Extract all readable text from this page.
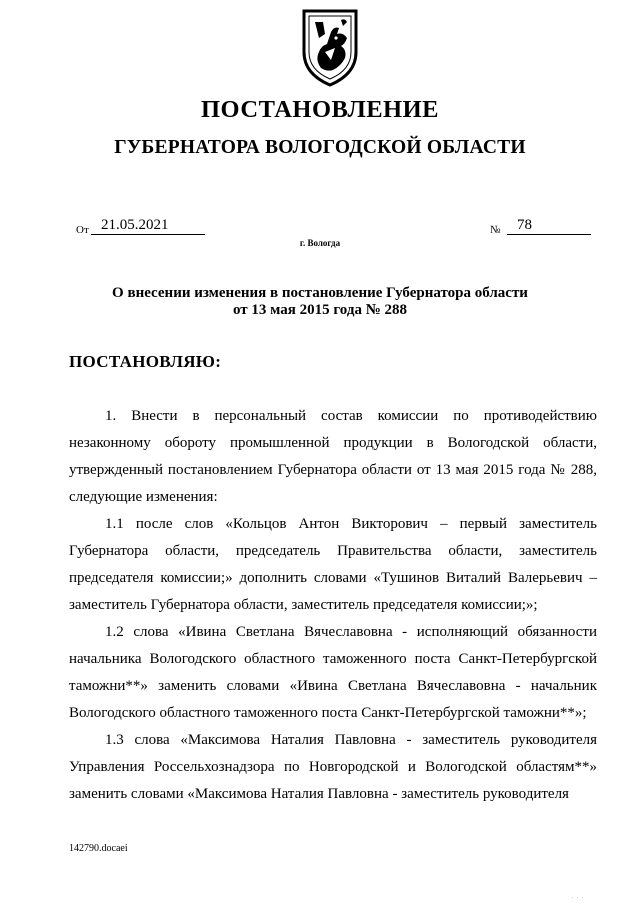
ПОСТАНОВЛЕНИЕ
ГУБЕРНАТОРА ВОЛОГОДСКОЙ ОБЛАСТИ
От 21.05.2021	№	78
г. Вологда
О внесении изменения в постановление Губернатора области
от 13 мая 2015 года № 288
ПОСТАНОВЛЯЮ:

1. Внести в персональный состав комиссии по противодействию незаконному обороту промышленной продукции в Вологодской области, утвержденный постановлением Губернатора области от 13 мая 2015 года № 288, следующие изменения:

1.1 после слов «Кольцов Антон Викторович – первый заместитель Губернатора области, председатель Правительства области, заместитель председателя комиссии;» дополнить словами «Тушинов Виталий Валерьевич – заместитель Губернатора области, заместитель председателя комиссии;»;

1.2 слова «Ивина Светлана Вячеславовна - исполняющий обязанности начальника Вологодского областного таможенного поста Санкт-Петербургской таможни**» заменить словами «Ивина Светлана Вячеславовна - начальник Вологодского областного таможенного поста Санкт-Петербургской таможни**»;

1.3 слова «Максимова Наталия Павловна - заместитель руководителя Управления Россельхознадзора по Новгородской и Вологодской областям**» заменить словами «Максимова Наталия Павловна - заместитель руководителя

142790.docaei
· · ·
